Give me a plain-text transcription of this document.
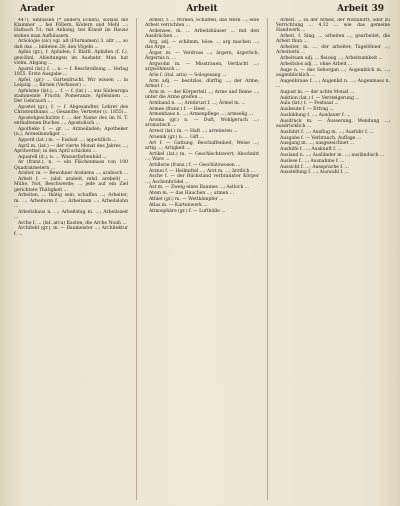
Arader	Arbeit	Arbeit 39

447), umfassen (* andern Ecken), sodass die Klammer ... bei Pöllern, Ködern und Mehl ...; Halbach 51; mit Anhang, bei Krauß im Hause stehen man Aufhäusern.

Aräologie (sic) vgl. alt (Flurnamen) 3. altr ..., so daß das ... bildeten 28; den Vögeln ...

Aphis (gr.), f. Aphiden; f. Blattl. Aphiden (f. f.), gewöhnl. Ableitungen im Aushebr. Man hat vielm. Abgang ...

Aparel (lat.) f. ... n. — f. Beschreibung ... Verlag 1855. Erste Ausgabe ...

Apfel, (gr.) ... Gartenfrucht. Wir wissen ... in Leipzig ...; Birnen (Verfasser) ...

Apfelsine (lat.), ... f. — f. (lat.) ... aus Südeuropa stammende Frucht; Pomeranze, Apfelsinen ... Der Gebrauch ...

Apostel (gr.), f. — f. Abgesandter, Lehrer des Christenthums ...; Gesandte; Vertreter (c. 1855)...

Apostelgeschichte f. ... der Name des im N. T. enthaltenen Buches ...; Apostolisch ...

Apotheke f. — gr. ... Arzneiladen; Apotheker (n.), Arzneikundiger ...

Appetit (lat.) m. — Esslust ...; appetitlich ...

April m. (lat.) — der vierte Monat des Jahres ...; Aprilwetter; in den April schicken ...

Aquarell (it.), n. ... Wasserfarbenbild ...

Ar (franz.), n. — ein Flächenmass von 100 Quadratmetern ...

Araber, m. — Bewohner Arabiens ...; arabisch ...

Arbeit f. — (ahd. arabeit, mhd. arebeit) ... Mühe, Not, Beschwerde; ... jede auf ein Ziel gerichtete Thätigkeit ...

Arbeiten, ... thätig sein, schaffen ...; Arbeiter, m. ...; Arbeiterin f. ...; Arbeitsam ...; Arbeitslohn ...

Arbeitshaus n. ...; Arbeitstag m. ...; Arbeitszeit ...

Arche f. ... (lat. arca) Kasten; die Arche Noah ...

Architekt (gr.), m. — Baumeister ...; Architektur f. ...

Arbeit, f. ... Wirken, Schaffen, das Werk ...; eine Arbeit verrichten ...

Ardensee, m. ... Arbeitshäuser ... mit den Ausdrücken ...

Arg, adj. — schlimm, böse; ... arg machen ...; das Arge ...

Ärger m. — Verdruss ...; ärgern, ärgerlich; Ärgernis n. ...

Argwohn m. — Misstrauen, Verdacht ...; argwöhnisch ...

Arie f. (ital. aria) — Sologesang ...

Arm adj. — besitzlos, dürftig ...; der Arme; Armut f. ...

Arm m. — der Körperteil ...; Arme und Beine ...; unter die Arme greifen ...

Armband n. ...; Armbrust f. ...; Ärmel m. ...

Armee (franz.) f. — Heer ...

Armenhaus n. ...; Armenpflege ...; armselig ...

Aroma (gr.) n. — Duft, Wohlgeruch ...; aromatisch ...

Arrest (lat.) m. — Haft ...; arretieren ...

Arsenik (gr.) n. ... Gift ...

Art f. — Gattung, Beschaffenheit, Weise ...; artig ...; Artigkeit ...

Artikel (lat.) m. — Geschlechtswort; Abschnitt ...; Ware ...

Artillerie (franz.) f. — Geschützwesen ...

Arznei f. — Heilmittel ...; Arzt m. ...; ärztlich ...

Asche f. — der Rückstand verbrannter Körper ...; Aschenbrödel ...

Ast m. — Zweig eines Baumes ...; Astloch ...

Atem m. — das Hauchen ...; atmen ...

Athlet (gr.) m. — Wettkämpfer ...

Atlas m. — Kartenwerk ...

Atmosphäre (gr.) f. — Lufthülle ...

Arbeit. ... zu der Arbeit, der Nothdurft, oder zu Verrichtung ... 4,12 ... wie das gemeine Handwerk ...

Arbeit, f. Sing. ... arbeiten ..., gearbeitet, die Arbeit thun ...

Arbeiter, m. ..., der arbeitet; Tagelöhner ...; Arbeiterin ...

Arbeitsam adj. ... fleissig ...; Arbeitsamkeit ...

Arbeitslos adj. ... ohne Arbeit ...

Auge n. — das Sehorgan ...; Augenblick m. ...; augenblicklich ...

Augenbraue f. ...; Augenlid n. ...; Augenmass n. ...

August m. — der achte Monat ...

Auktion (lat.) f. — Versteigerung ...

Aula (lat.) f. — Festsaal ...

Ausbeute f. — Ertrag ...

Ausbildung f. ...; Ausdauer f. ...

Ausdruck m. — Äusserung, Wendung ...; ausdrücklich ...

Ausfahrt f. ...; Ausflug m. ...; Ausfuhr f. ...

Ausgabe f. — Verbrauch, Auflage ...

Ausgang m. ...; ausgezeichnet ...

Aushilfe f. ...; Auskunft f. ...

Ausland n. ...; Ausländer m. ...; ausländisch ...

Auslese f. ...; Ausnahme f. ...

Aussicht f. ...; Aussprache f. ...

Ausstellung f. ...; Auswahl f. ...
